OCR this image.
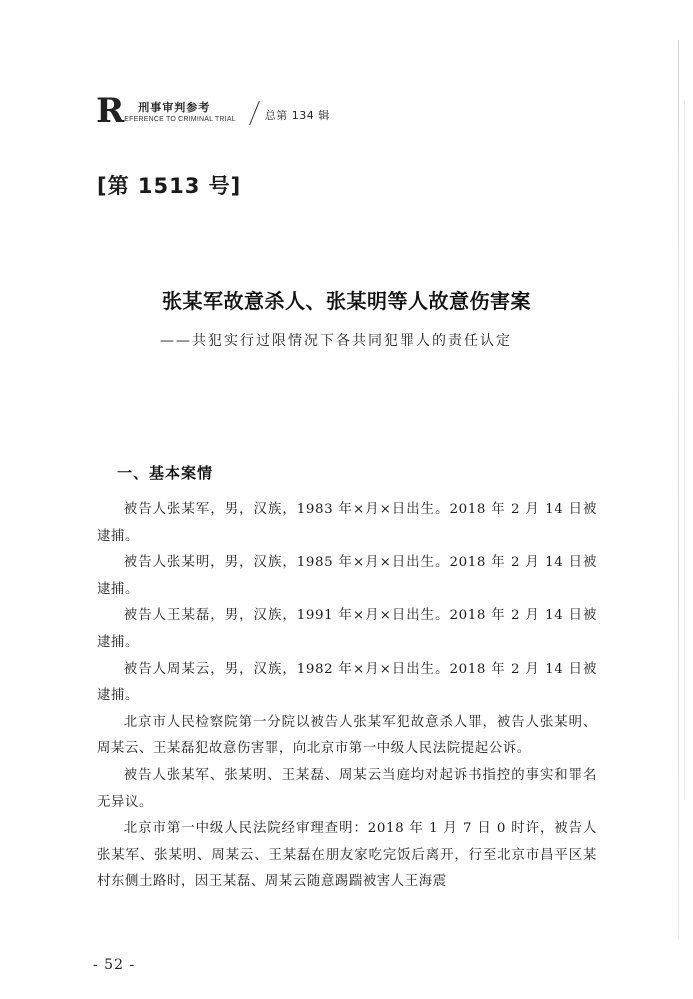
R 刑事审判参考
EFERENCE TO CRIMINAL TRIAL	总第 134 辑
[第 1513 号]
张某军故意杀人、张某明等人故意伤害案
——共犯实行过限情况下各共同犯罪人的责任认定
一、基本案情

被告人张某军，男，汉族，1983 年×月×日出生。2018 年 2 月 14 日被逮捕。

被告人张某明，男，汉族，1985 年×月×日出生。2018 年 2 月 14 日被逮捕。

被告人王某磊，男，汉族，1991 年×月×日出生。2018 年 2 月 14 日被逮捕。

被告人周某云，男，汉族，1982 年×月×日出生。2018 年 2 月 14 日被逮捕。

北京市人民检察院第一分院以被告人张某军犯故意杀人罪，被告人张某明、周某云、王某磊犯故意伤害罪，向北京市第一中级人民法院提起公诉。

被告人张某军、张某明、王某磊、周某云当庭均对起诉书指控的事实和罪名无异议。

北京市第一中级人民法院经审理查明：2018 年 1 月 7 日 0 时许，被告人张某军、张某明、周某云、王某磊在朋友家吃完饭后离开，行至北京市昌平区某村东侧土路时，因王某磊、周某云随意踢踹被害人王海震

- 52 -
